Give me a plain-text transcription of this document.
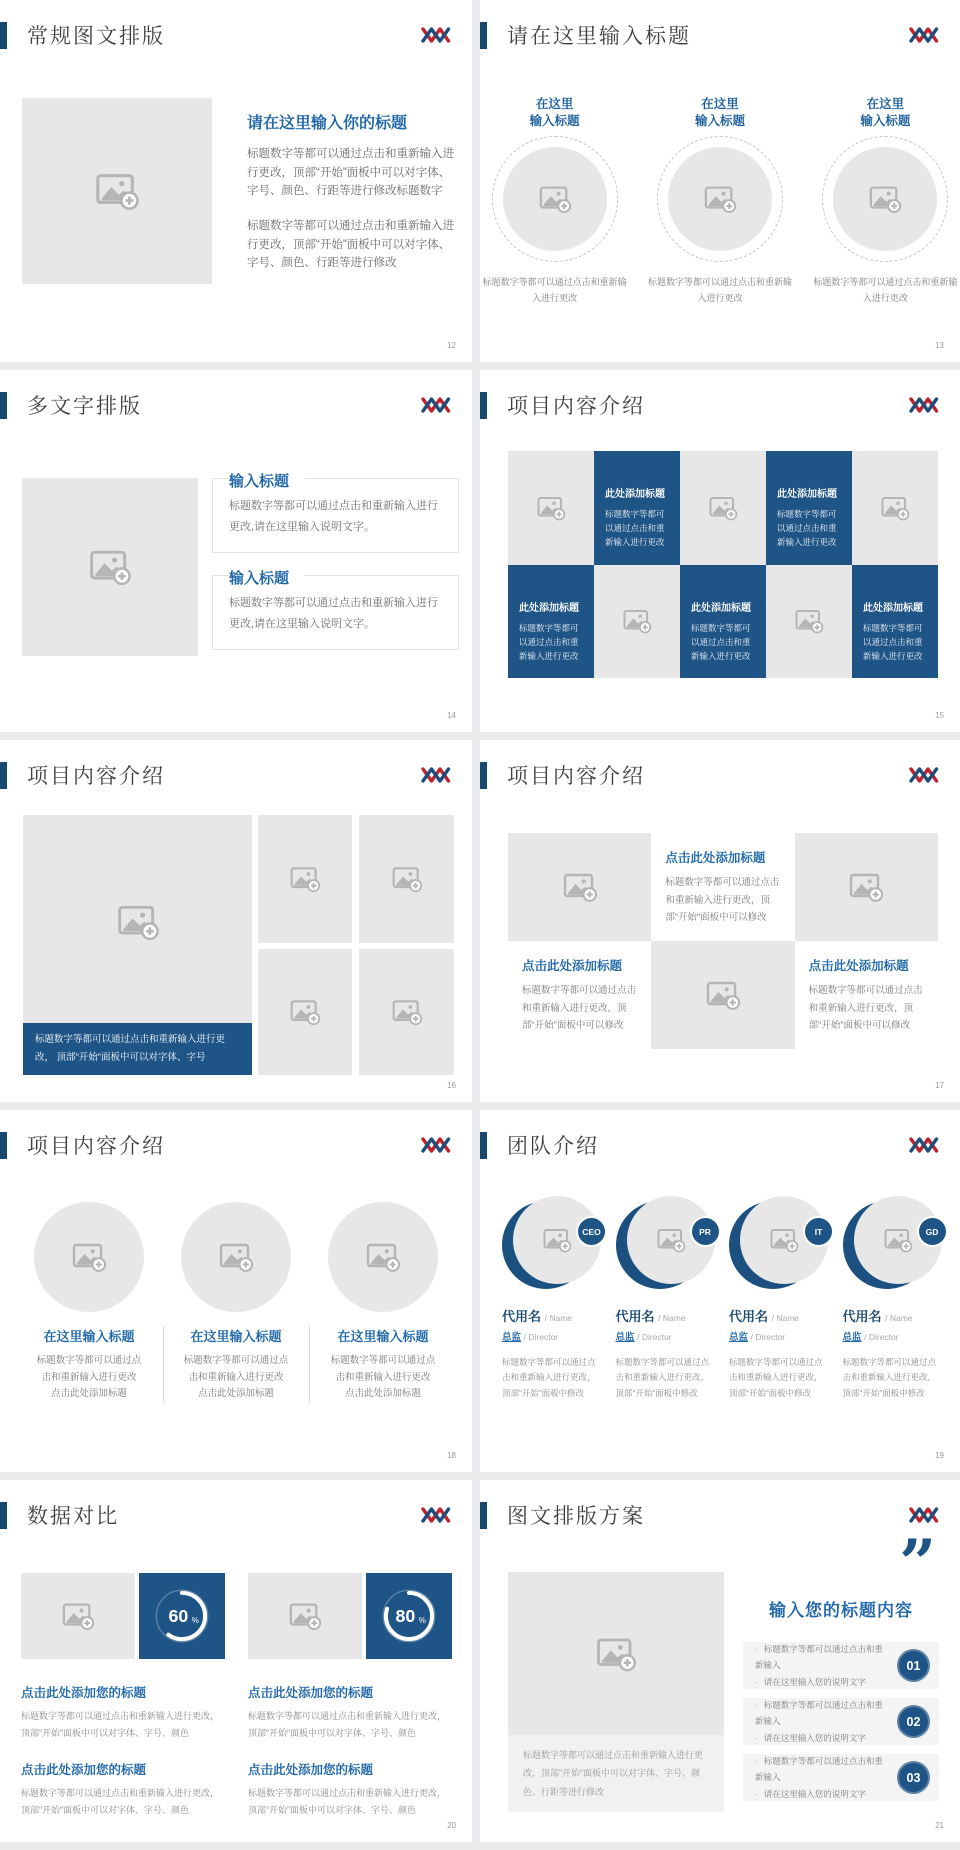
常规图文排版
请在这里输入你的标题

标题数字等都可以通过点击和重新输入进行更改，顶部“开始”面板中可以对字体、字号、颜色、行距等进行修改标题数字

标题数字等都可以通过点击和重新输入进行更改，顶部“开始”面板中可以对字体、字号、颜色、行距等进行修改

12
请在这里输入标题
在这里
输入标题
标题数字等都可以通过点击和重新输入进行更改
在这里
输入标题
标题数字等都可以通过点击和重新输入进行更改
在这里
输入标题
标题数字等都可以通过点击和重新输入进行更改
13
多文字排版
输入标题

标题数字等都可以通过点击和重新输入进行更改,请在这里输入说明文字。

输入标题

标题数字等都可以通过点击和重新输入进行更改,请在这里输入说明文字。

14
项目内容介绍
此处添加标题

标题数字等都可以通过点击和重新输入进行更改

此处添加标题

标题数字等都可以通过点击和重新输入进行更改

此处添加标题

标题数字等都可以通过点击和重新输入进行更改

此处添加标题

标题数字等都可以通过点击和重新输入进行更改

此处添加标题

标题数字等都可以通过点击和重新输入进行更改

15
项目内容介绍
标题数字等都可以通过点击和重新输入进行更改， 顶部“开始”面板中可以对字体、字号
16
项目内容介绍
点击此处添加标题

标题数字等都可以通过点击和重新输入进行更改，顶部“开始”面板中可以修改

点击此处添加标题

标题数字等都可以通过点击和重新输入进行更改，顶部“开始”面板中可以修改

点击此处添加标题

标题数字等都可以通过点击和重新输入进行更改，顶部“开始”面板中可以修改

17
项目内容介绍
在这里输入标题
标题数字等都可以通过点
击和重新输入进行更改
点击此处添加标题
在这里输入标题
标题数字等都可以通过点
击和重新输入进行更改
点击此处添加标题
在这里输入标题
标题数字等都可以通过点
击和重新输入进行更改
点击此处添加标题
18
团队介绍
CEO
代用名 / Name
总监 / Director
标题数字等都可以通过点击和重新输入进行更改，顶部“开始”面板中修改
PR
代用名 / Name
总监 / Director
标题数字等都可以通过点击和重新输入进行更改，顶部“开始”面板中修改
IT
代用名 / Name
总监 / Director
标题数字等都可以通过点击和重新输入进行更改，顶部“开始”面板中修改
GD
代用名 / Name
总监 / Director
标题数字等都可以通过点击和重新输入进行更改，顶部“开始”面板中修改
19
数据对比
60 %
点击此处添加您的标题

标题数字等都可以通过点击和重新输入进行更改，顶部“开始”面板中可以对字体、字号、颜色

点击此处添加您的标题

标题数字等都可以通过点击和重新输入进行更改，顶部“开始”面板中可以对字体、字号、颜色

80 %
点击此处添加您的标题

标题数字等都可以通过点击和重新输入进行更改，顶部“开始”面板中可以对字体、字号、颜色

点击此处添加您的标题

标题数字等都可以通过点击和重新输入进行更改，顶部“开始”面板中可以对字体、字号、颜色

20
图文排版方案
标题数字等都可以通过点击和重新输入进行更改，顶部“开始”面板中可以对字体、字号、颜色、行距等进行修改
”
输入您的标题内容
· 标题数字等都可以通过点击和重新输入
· 请在这里输入您的说明文字
01
· 标题数字等都可以通过点击和重新输入
· 请在这里输入您的说明文字
02
· 标题数字等都可以通过点击和重新输入
· 请在这里输入您的说明文字
03
21
